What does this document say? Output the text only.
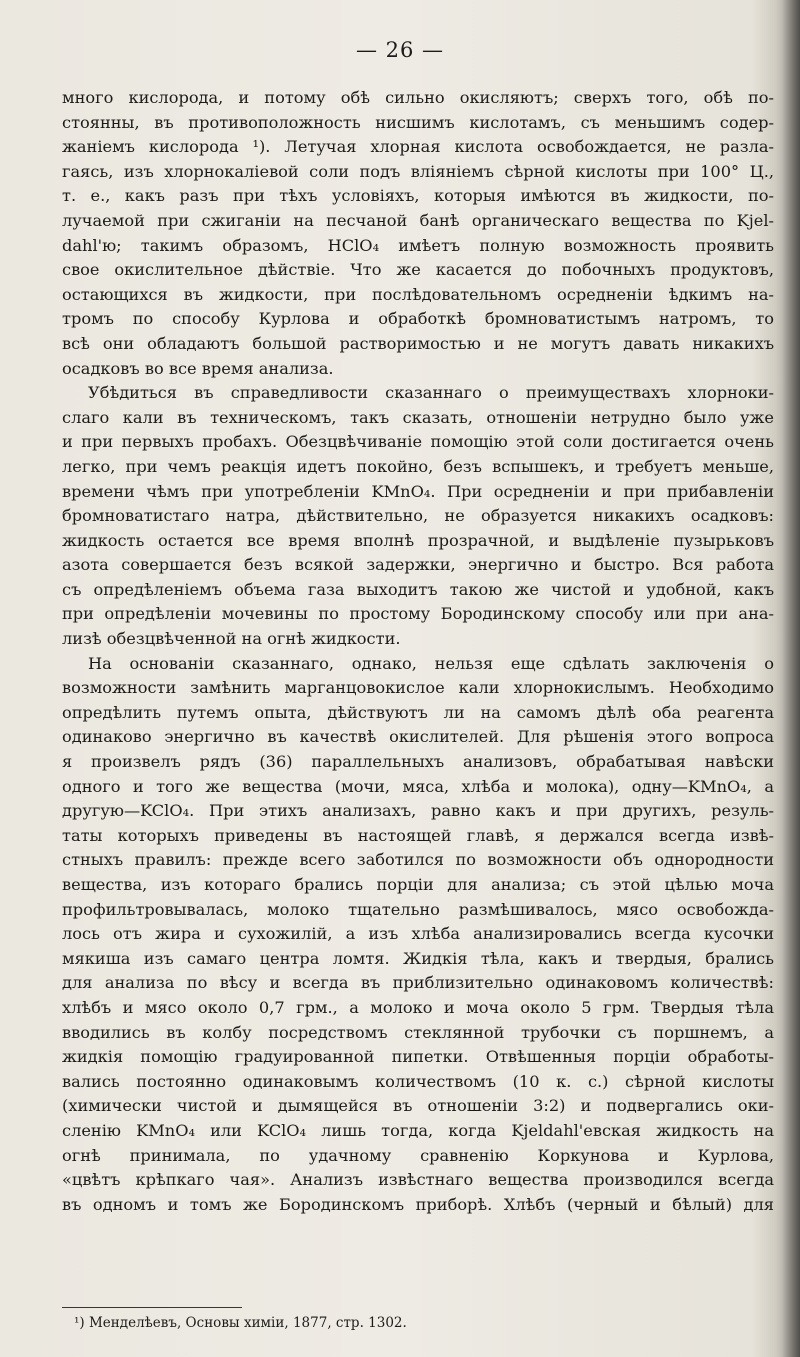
— 26 —
много кислорода, и потому обѣ сильно окисляютъ; сверхъ того, обѣ по-
стоянны, въ противоположность нисшимъ кислотамъ, съ меньшимъ содер-
жаніемъ кислорода ¹). Летучая хлорная кислота освобождается, не разла-
гаясь, изъ хлорнокаліевой соли подъ вліяніемъ сѣрной кислоты при 100° Ц.,
т. е., какъ разъ при тѣхъ условіяхъ, которыя имѣются въ жидкости, по-
лучаемой при сжиганіи на песчаной банѣ органическаго вещества по Kjel-
dahl'ю; такимъ образомъ, HClO₄ имѣетъ полную возможность проявить
свое окислительное дѣйствіе. Что же касается до побочныхъ продуктовъ,
остающихся въ жидкости, при послѣдовательномъ осредненіи ѣдкимъ на-
тромъ по способу Курлова и обработкѣ бромноватистымъ натромъ, то
всѣ они обладаютъ большой растворимостью и не могутъ давать никакихъ
осадковъ во все время анализа.
Убѣдиться въ справедливости сказаннаго о преимуществахъ хлорноки-
слаго кали въ техническомъ, такъ сказать, отношеніи нетрудно было уже
и при первыхъ пробахъ. Обезцвѣчиваніе помощію этой соли достигается очень
легко, при чемъ реакція идетъ покойно, безъ вспышекъ, и требуетъ меньше,
времени чѣмъ при употребленіи KMnO₄. При осредненіи и при прибавленіи
бромноватистаго натра, дѣйствительно, не образуется никакихъ осадковъ:
жидкость остается все время вполнѣ прозрачной, и выдѣленіе пузырьковъ
азота совершается безъ всякой задержки, энергично и быстро. Вся работа
съ опредѣленіемъ объема газа выходитъ такою же чистой и удобной, какъ
при опредѣленіи мочевины по простому Бородинскому способу или при ана-
лизѣ обезцвѣченной на огнѣ жидкости.
На основаніи сказаннаго, однако, нельзя еще сдѣлать заключенія о
возможности замѣнить марганцовокислое кали хлорнокислымъ. Необходимо
опредѣлить путемъ опыта, дѣйствуютъ ли на самомъ дѣлѣ оба реагента
одинаково энергично въ качествѣ окислителей. Для рѣшенія этого вопроса
я произвелъ рядъ (36) параллельныхъ анализовъ, обрабатывая навѣски
одного и того же вещества (мочи, мяса, хлѣба и молока), одну—KMnO₄, а
другую—KClO₄. При этихъ анализахъ, равно какъ и при другихъ, резуль-
таты которыхъ приведены въ настоящей главѣ, я держался всегда извѣ-
стныхъ правилъ: прежде всего заботился по возможности объ однородности
вещества, изъ котораго брались порціи для анализа; съ этой цѣлью моча
профильтровывалась, молоко тщательно размѣшивалось, мясо освобожда-
лось отъ жира и сухожилій, а изъ хлѣба анализировались всегда кусочки
мякиша изъ самаго центра ломтя. Жидкія тѣла, какъ и твердыя, брались
для анализа по вѣсу и всегда въ приблизительно одинаковомъ количествѣ:
хлѣбъ и мясо около 0,7 грм., а молоко и моча около 5 грм. Твердыя тѣла
вводились въ колбу посредствомъ стеклянной трубочки съ поршнемъ, а
жидкія помощію градуированной пипетки. Отвѣшенныя порціи обработы-
вались постоянно одинаковымъ количествомъ (10 к. с.) сѣрной кислоты
(химически чистой и дымящейся въ отношеніи 3:2) и подвергались оки-
сленію KMnO₄ или KClO₄ лишь тогда, когда Kjeldahl'евская жидкость на
огнѣ принимала, по удачному сравненію Коркунова и Курлова,
«цвѣтъ крѣпкаго чая». Анализъ извѣстнаго вещества производился всегда
въ одномъ и томъ же Бородинскомъ приборѣ. Хлѣбъ (черный и бѣлый) для
¹) Менделѣевъ, Основы химіи, 1877, стр. 1302.
